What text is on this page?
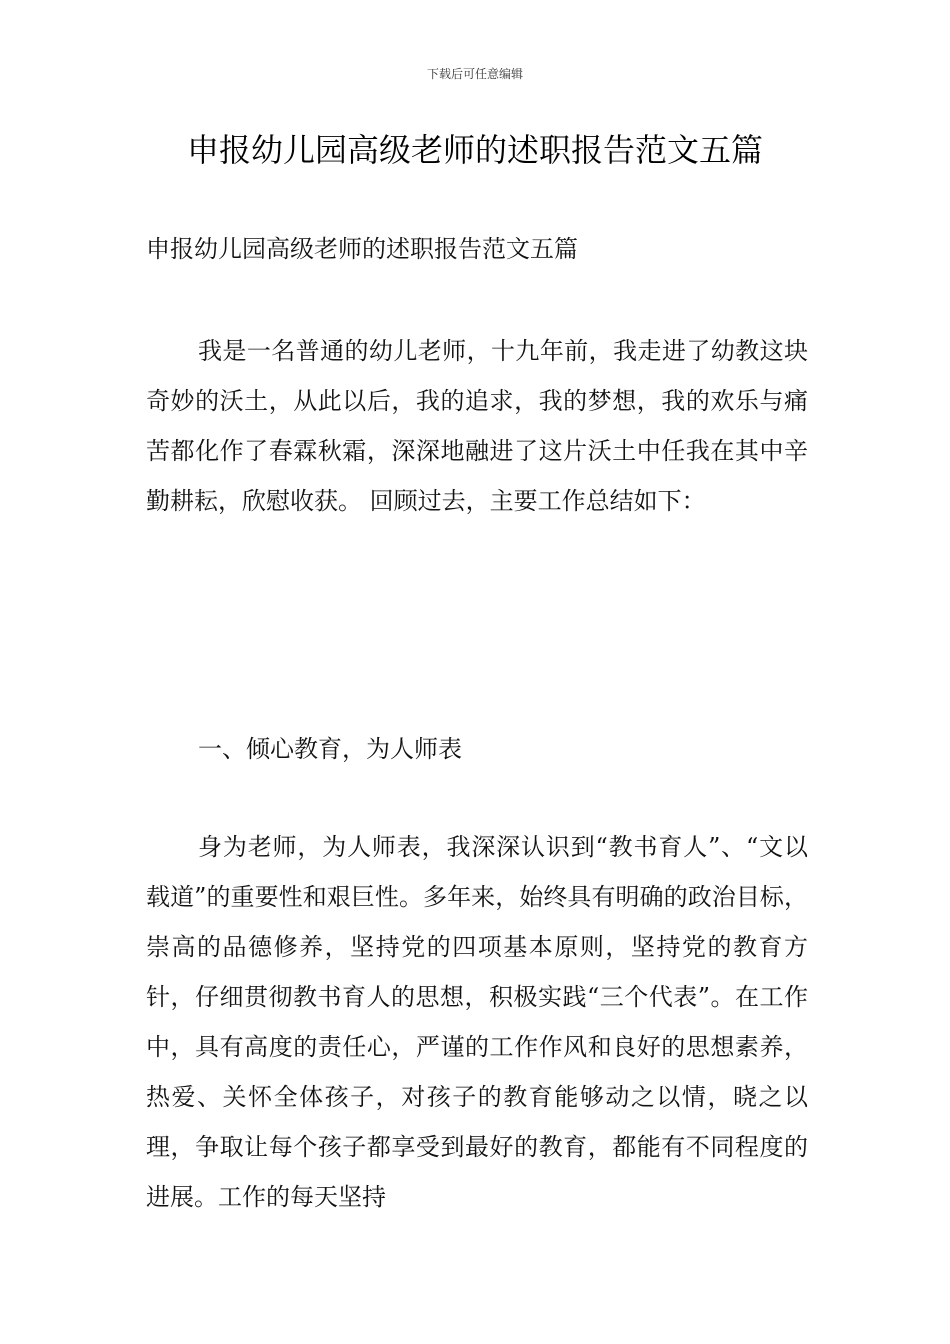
下载后可任意编辑
申报幼儿园高级老师的述职报告范文五篇

申报幼儿园高级老师的述职报告范文五篇

我是一名普通的幼儿老师，十九年前，我走进了幼教这块奇妙的沃土，从此以后，我的追求，我的梦想，我的欢乐与痛苦都化作了春霖秋霜，深深地融进了这片沃土中任我在其中辛勤耕耘，欣慰收获。 回顾过去，主要工作总结如下：

一、倾心教育，为人师表

身为老师，为人师表，我深深认识到“教书育人”、“文以载道”的重要性和艰巨性。多年来，始终具有明确的政治目标，崇高的品德修养，坚持党的四项基本原则，坚持党的教育方针，仔细贯彻教书育人的思想，积极实践“三个代表”。在工作中，具有高度的责任心，严谨的工作作风和良好的思想素养，热爱、关怀全体孩子，对孩子的教育能够动之以情，晓之以理，争取让每个孩子都享受到最好的教育，都能有不同程度的进展。工作的每天坚持
